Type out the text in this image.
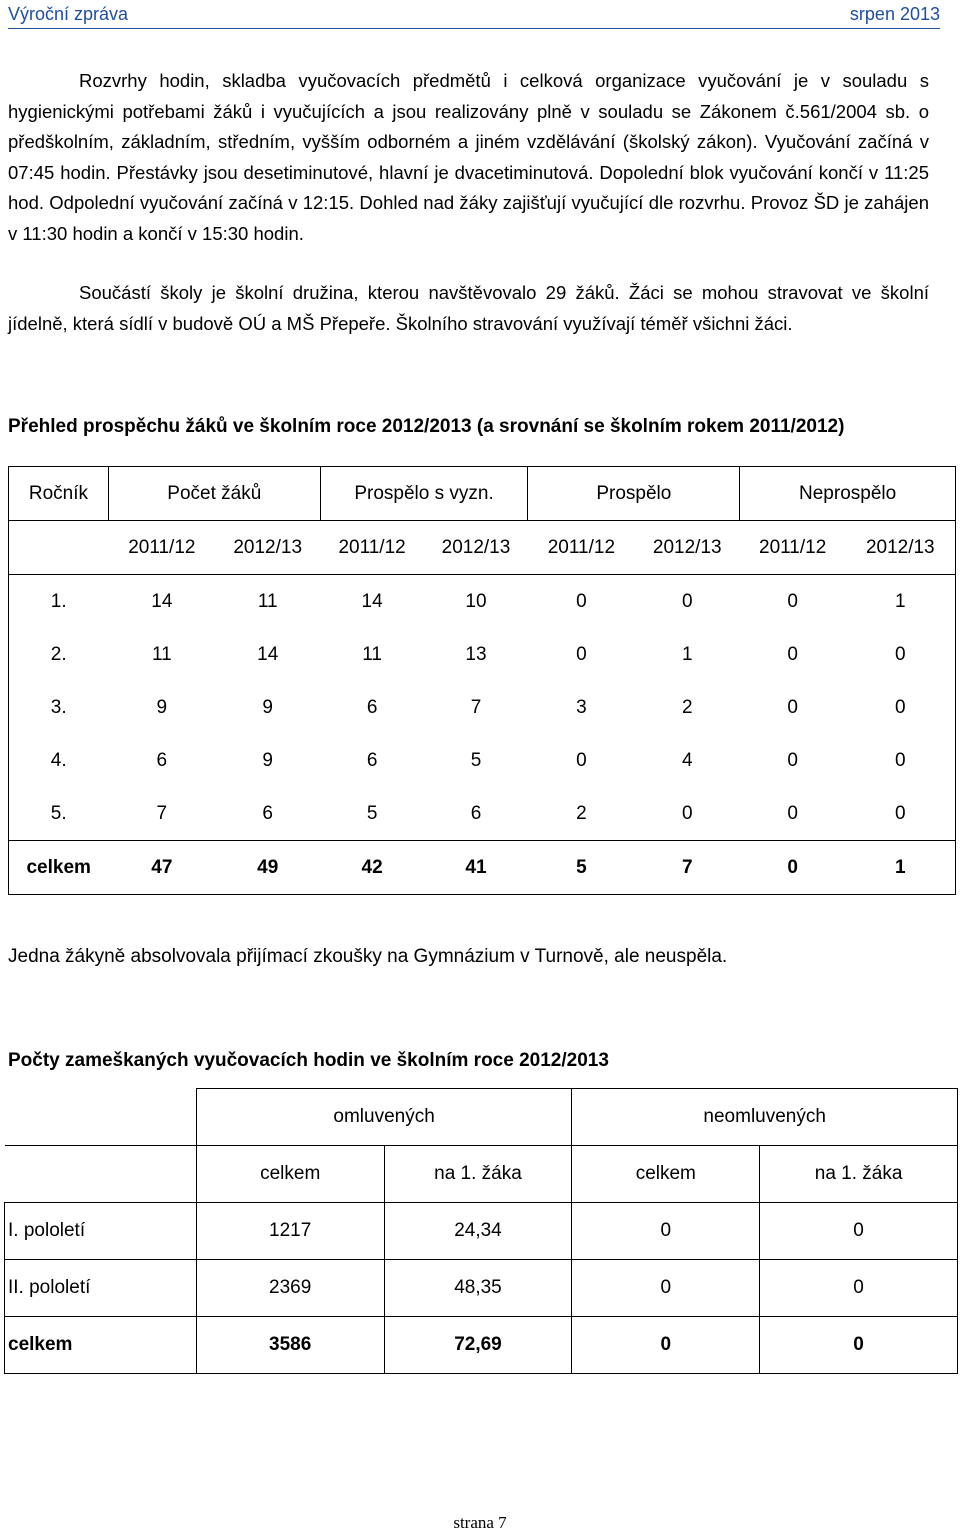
Výroční zpráva	srpen 2013

Rozvrhy hodin, skladba vyučovacích předmětů i celková organizace vyučování je v souladu s hygienickými potřebami žáků i vyučujících a jsou realizovány plně v souladu se Zákonem č.561/2004 sb. o předškolním, základním, středním, vyšším odborném a jiném vzdělávání (školský zákon). Vyučování začíná v 07:45 hodin. Přestávky jsou desetiminutové, hlavní je dvacetiminutová. Dopolední blok vyučování končí v 11:25 hod. Odpolední vyučování začíná v 12:15. Dohled nad žáky zajišťují vyučující dle rozvrhu. Provoz ŠD je zahájen v 11:30 hodin a končí v 15:30 hodin.

Součástí školy je školní družina, kterou navštěvovalo 29 žáků. Žáci se mohou stravovat ve školní jídelně, která sídlí v budově OÚ a MŠ Přepeře. Školního stravování využívají téměř všichni žáci.

Přehled prospěchu žáků ve školním roce 2012/2013 (a srovnání se školním rokem 2011/2012)
Ročník	Počet žáků		Prospělo s vyzn.		Prospělo		Neprospělo	
	2011/12	2012/13	2011/12	2012/13	2011/12	2012/13	2011/12	2012/13
1.	14	11	14	10	0	0	0	1
2.	11	14	11	13	0	1	0	0
3.	9	9	6	7	3	2	0	0
4.	6	9	6	5	0	4	0	0
5.	7	6	5	6	2	0	0	0
celkem	47	49	42	41	5	7	0	1
Jedna žákyně absolvovala přijímací zkoušky na Gymnázium v Turnově, ale neuspěla.
Počty zameškaných vyučovacích hodin ve školním roce 2012/2013
	omluvených		neomluvených	
	celkem	na 1. žáka	celkem	na 1. žáka
I. pololetí	1217	24,34	0	0
II. pololetí	2369	48,35	0	0
celkem	3586	72,69	0	0
strana 7
